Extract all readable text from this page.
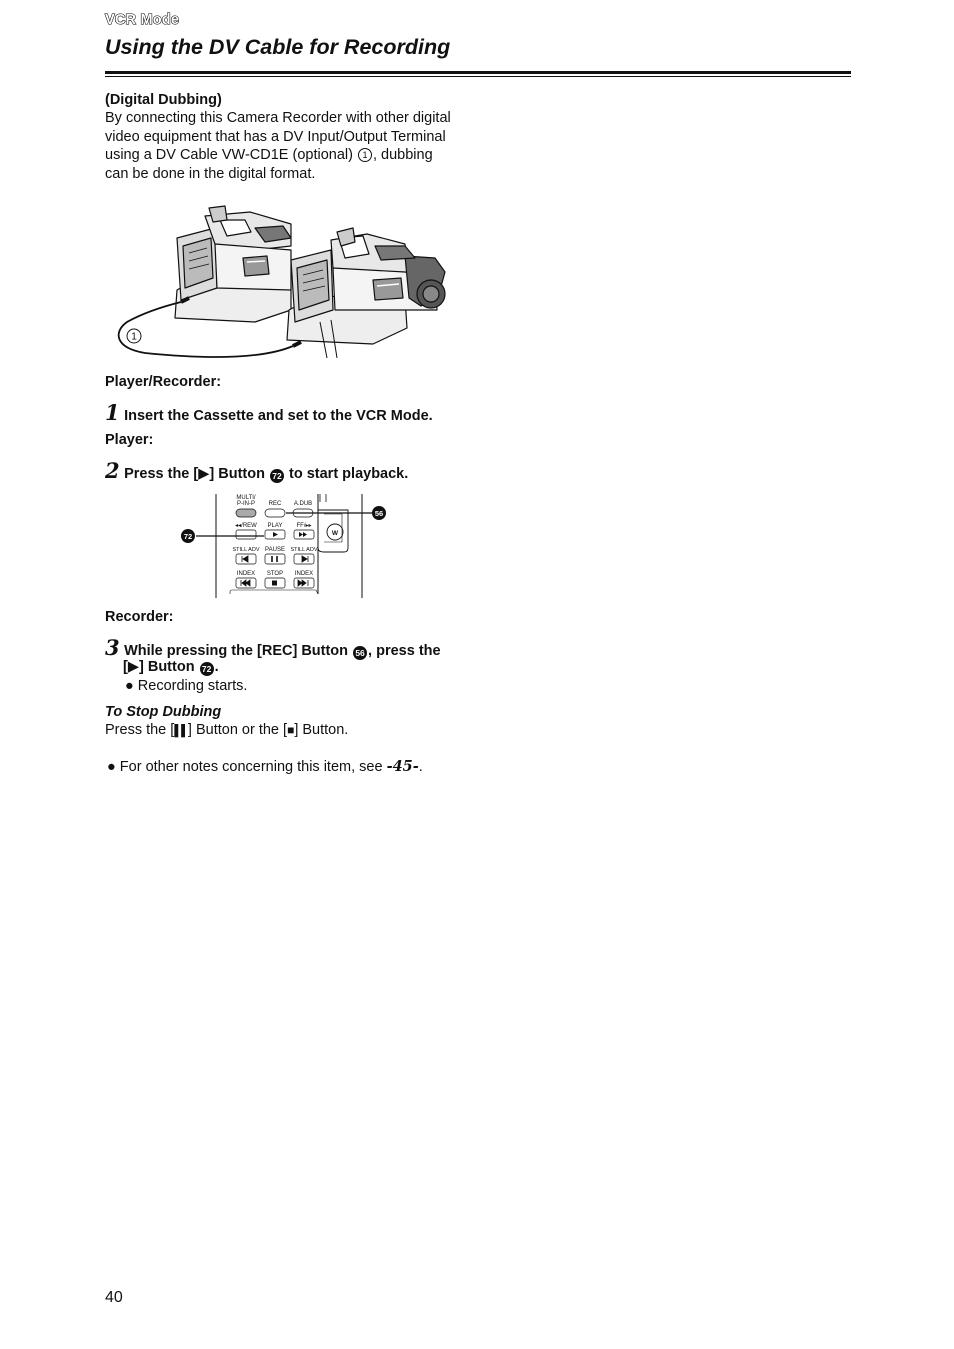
VCR Mode
Using the DV Cable for Recording
(Digital Dubbing)
By connecting this Camera Recorder with other digital
video equipment that has a DV Input/Output Terminal
using a DV Cable VW-CD1E (optional) 1 , dubbing
can be done in the digital format.
1
Player/Recorder:
1 Insert the Cassette and set to the VCR Mode.
Player:
2 Press the [▶] Button 72 to start playback.
MULTI/
P-IN-P REC A.DUB
◂◂/REW PLAY FF/▸▸
STILL ADV PAUSE STILL ADV
INDEX STOP INDEX
W
56
72
Recorder:
3 While pressing the [REC] Button 56 , press the
[▶] Button 72 .
● Recording starts.
To Stop Dubbing
Press the [▌▌] Button or the [■] Button.
● For other notes concerning this item, see -45-.
40
